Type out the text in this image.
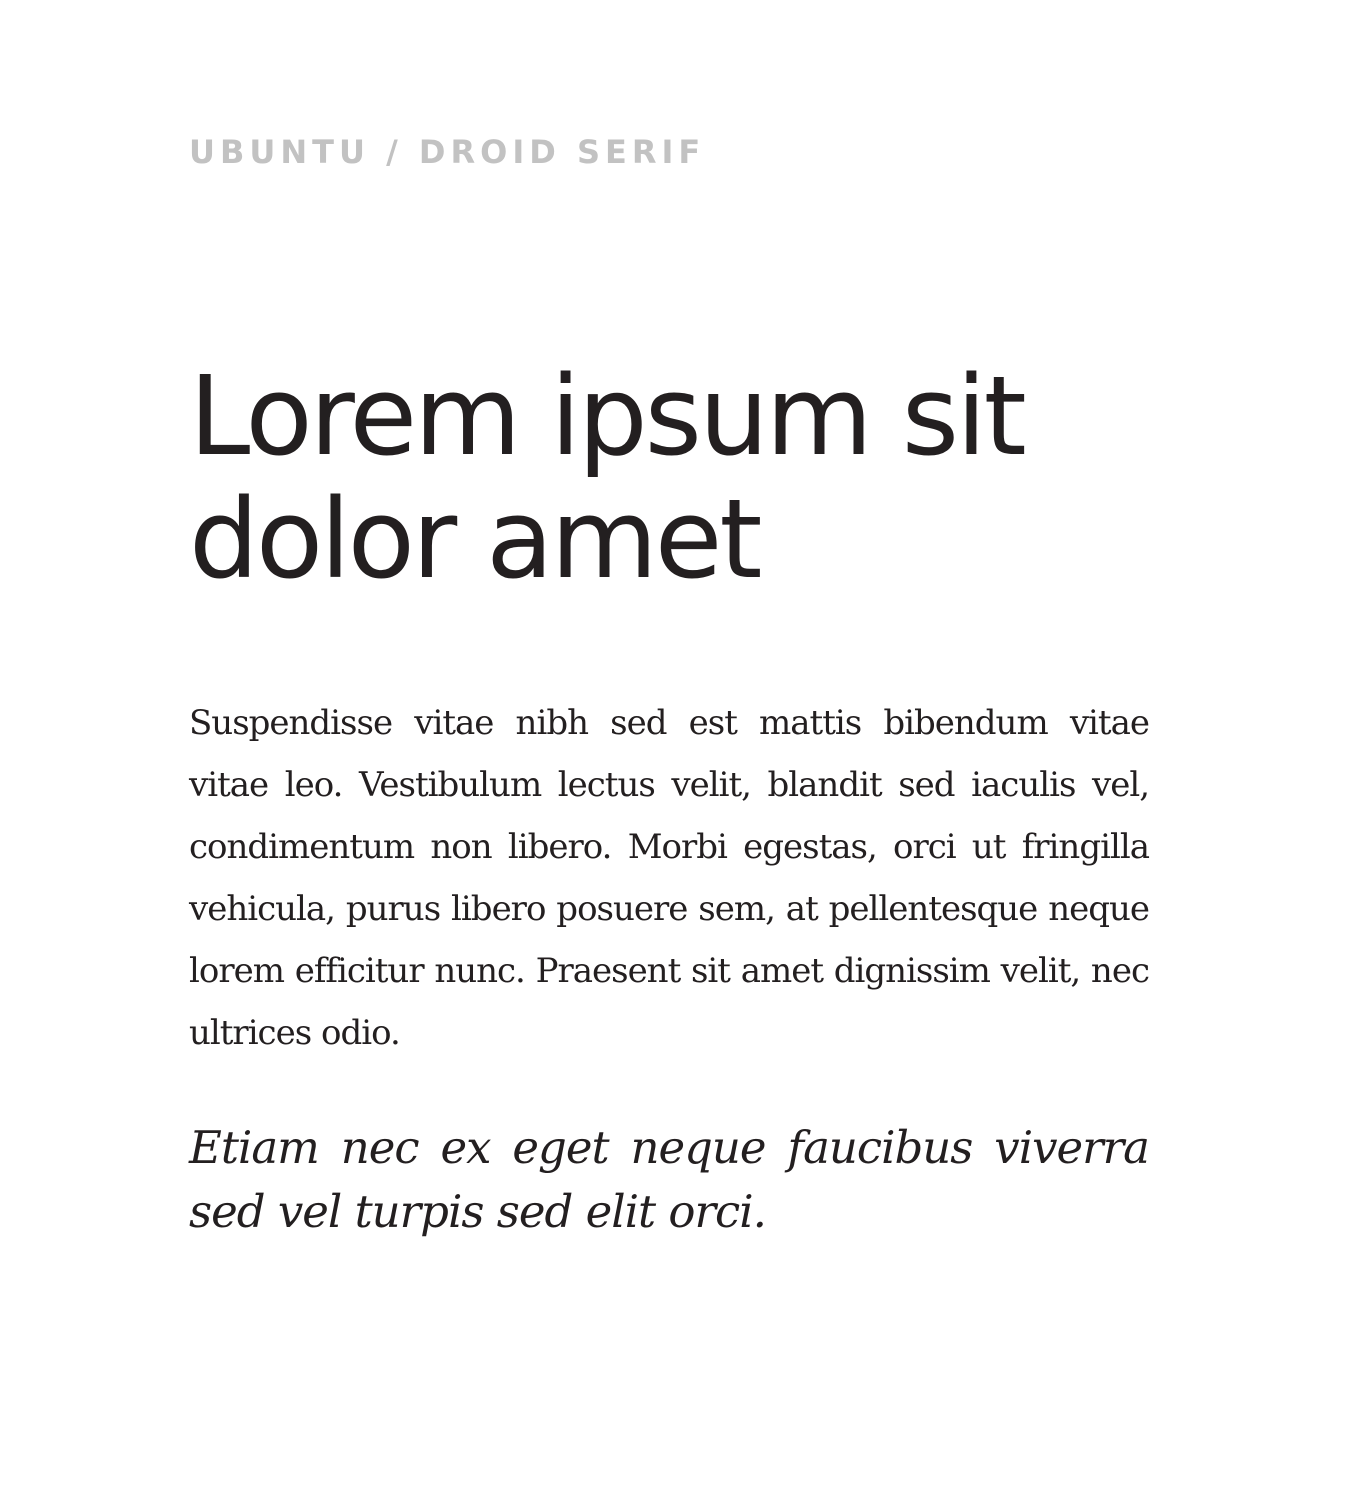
UBUNTU / DROID SERIF

Lorem ipsum sit dolor amet

Suspendisse vitae nibh sed est mattis bibendum vitae vitae leo. Vestibulum lectus velit, blandit sed iaculis vel, condimentum non libero. Morbi egestas, orci ut fringilla vehicula, purus libero posuere sem, at pellentesque neque lorem efficitur nunc. Praesent sit amet dignissim velit, nec ultrices odio.

Etiam nec ex eget neque faucibus viverra sed vel turpis sed elit orci.
